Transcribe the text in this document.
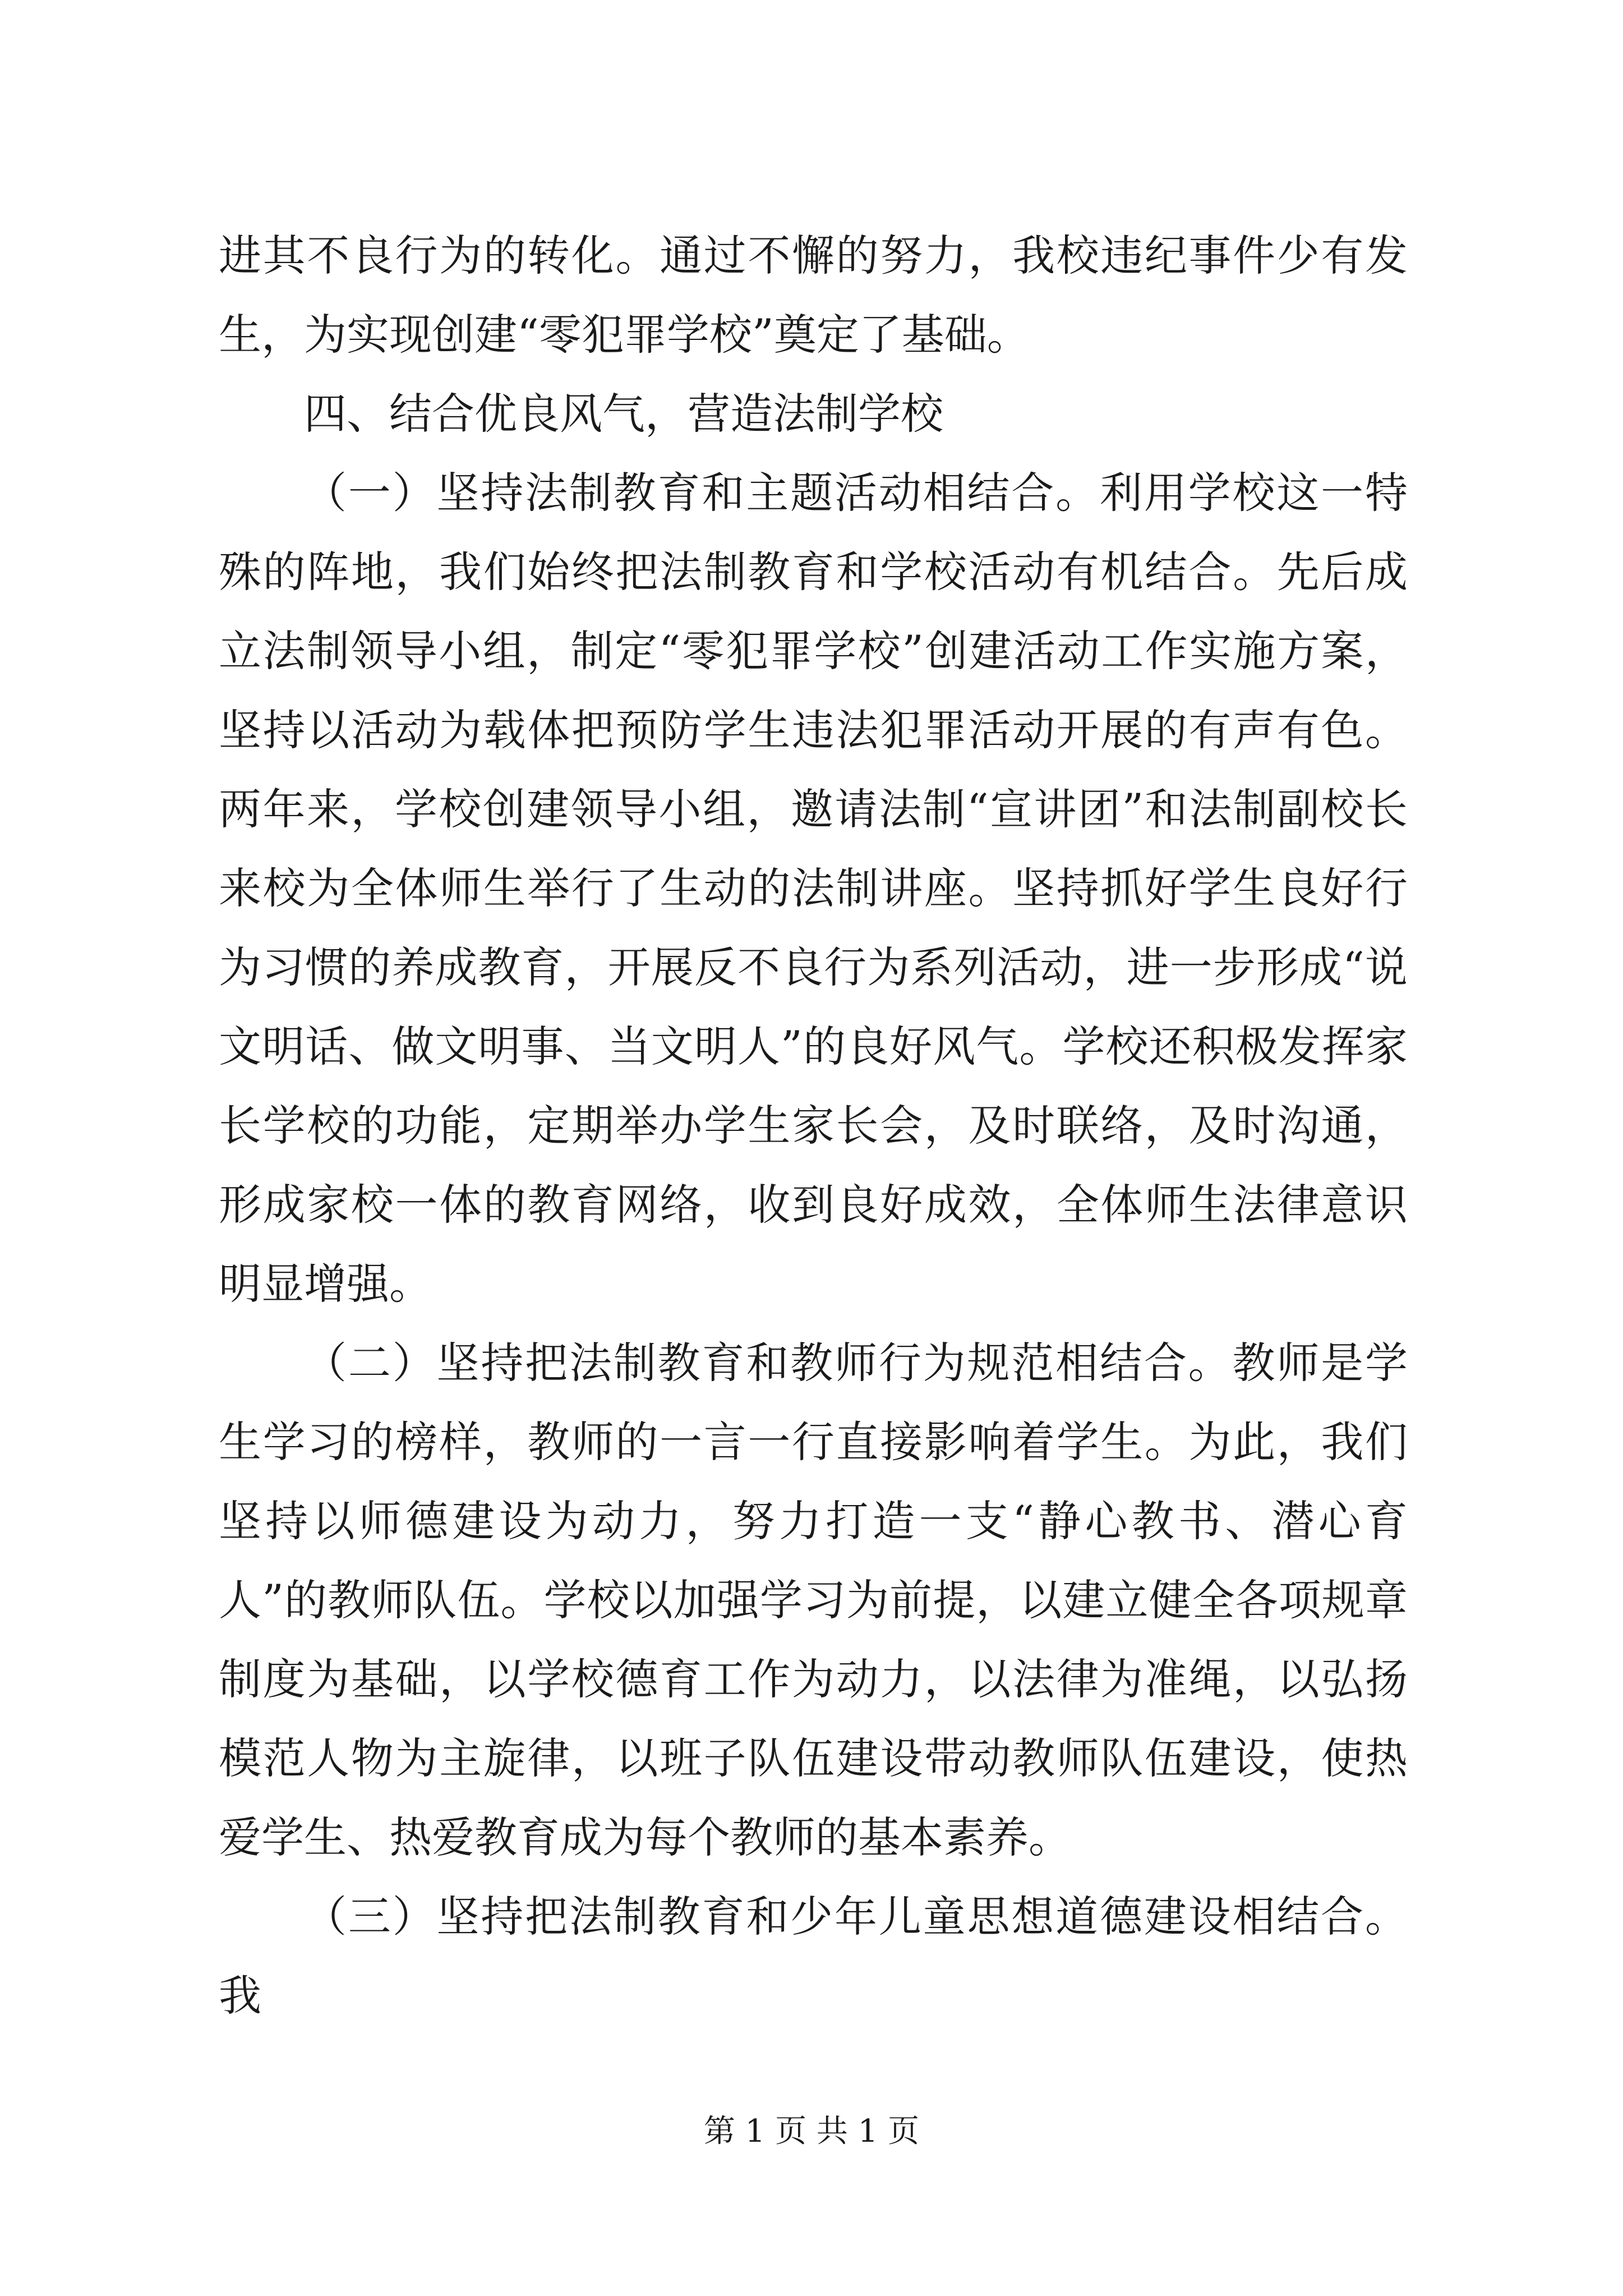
进其不良行为的转化。通过不懈的努力，我校违纪事件少有发生，为实现创建“零犯罪学校”奠定了基础。

四、结合优良风气，营造法制学校

（一）坚持法制教育和主题活动相结合。利用学校这一特殊的阵地，我们始终把法制教育和学校活动有机结合。先后成立法制领导小组，制定“零犯罪学校”创建活动工作实施方案，坚持以活动为载体把预防学生违法犯罪活动开展的有声有色。两年来，学校创建领导小组，邀请法制“宣讲团”和法制副校长来校为全体师生举行了生动的法制讲座。坚持抓好学生良好行为习惯的养成教育，开展反不良行为系列活动，进一步形成“说文明话、做文明事、当文明人”的良好风气。学校还积极发挥家长学校的功能，定期举办学生家长会，及时联络，及时沟通，形成家校一体的教育网络，收到良好成效，全体师生法律意识明显增强。

（二）坚持把法制教育和教师行为规范相结合。教师是学生学习的榜样，教师的一言一行直接影响着学生。为此，我们坚持以师德建设为动力，努力打造一支“静心教书、潜心育人”的教师队伍。学校以加强学习为前提，以建立健全各项规章制度为基础，以学校德育工作为动力，以法律为准绳，以弘扬模范人物为主旋律，以班子队伍建设带动教师队伍建设，使热爱学生、热爱教育成为每个教师的基本素养。

（三）坚持把法制教育和少年儿童思想道德建设相结合。我

第 1 页 共 1 页
